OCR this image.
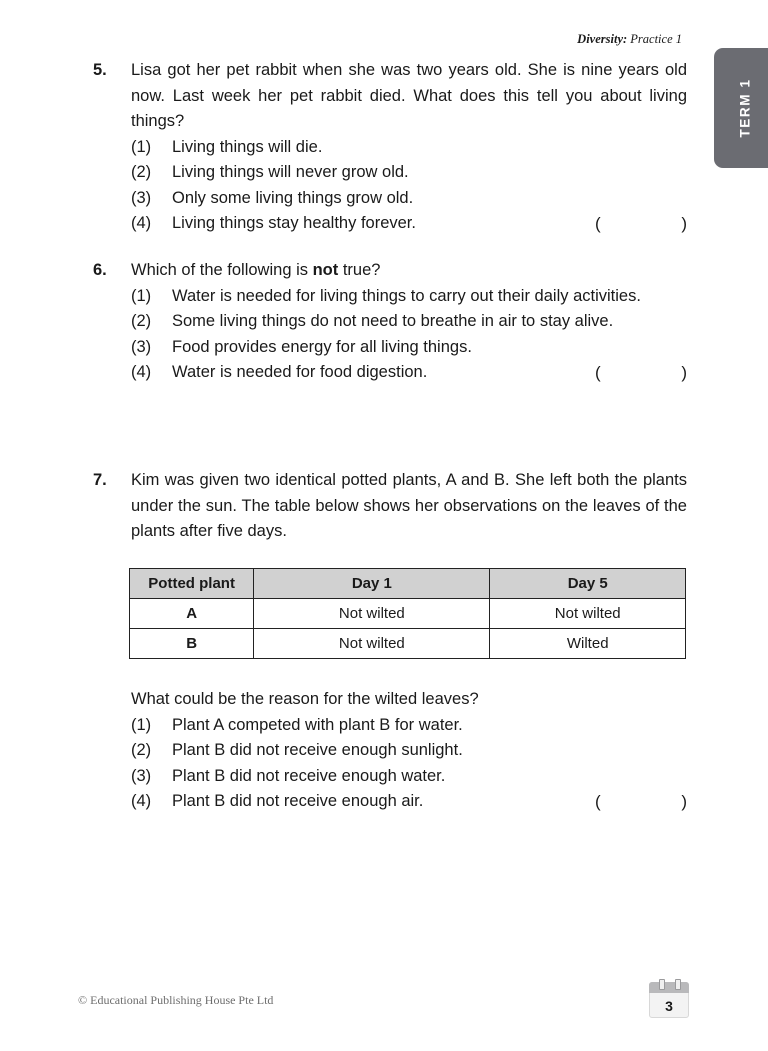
Diversity: Practice 1
TERM 1
5.	Lisa got her pet rabbit when she was two years old. She is nine years old now. Last week her pet rabbit died. What does this tell you about living things?
(1)	Living things will die.
(2)	Living things will never grow old.
(3)	Only some living things grow old.
(4)	Living things stay healthy forever.	(	)
6.	Which of the following is not true?
(1)	Water is needed for living things to carry out their daily activities.
(2)	Some living things do not need to breathe in air to stay alive.
(3)	Food provides energy for all living things.
(4)	Water is needed for food digestion.	(	)
7.	Kim was given two identical potted plants, A and B. She left both the plants under the sun. The table below shows her observations on the leaves of the plants after five days.
Potted plant	Day 1	Day 5
A	Not wilted	Not wilted
B	Not wilted	Wilted
What could be the reason for the wilted leaves?
(1)	Plant A competed with plant B for water.
(2)	Plant B did not receive enough sunlight.
(3)	Plant B did not receive enough water.
(4)	Plant B did not receive enough air.	(	)
© Educational Publishing House Pte Ltd	3
